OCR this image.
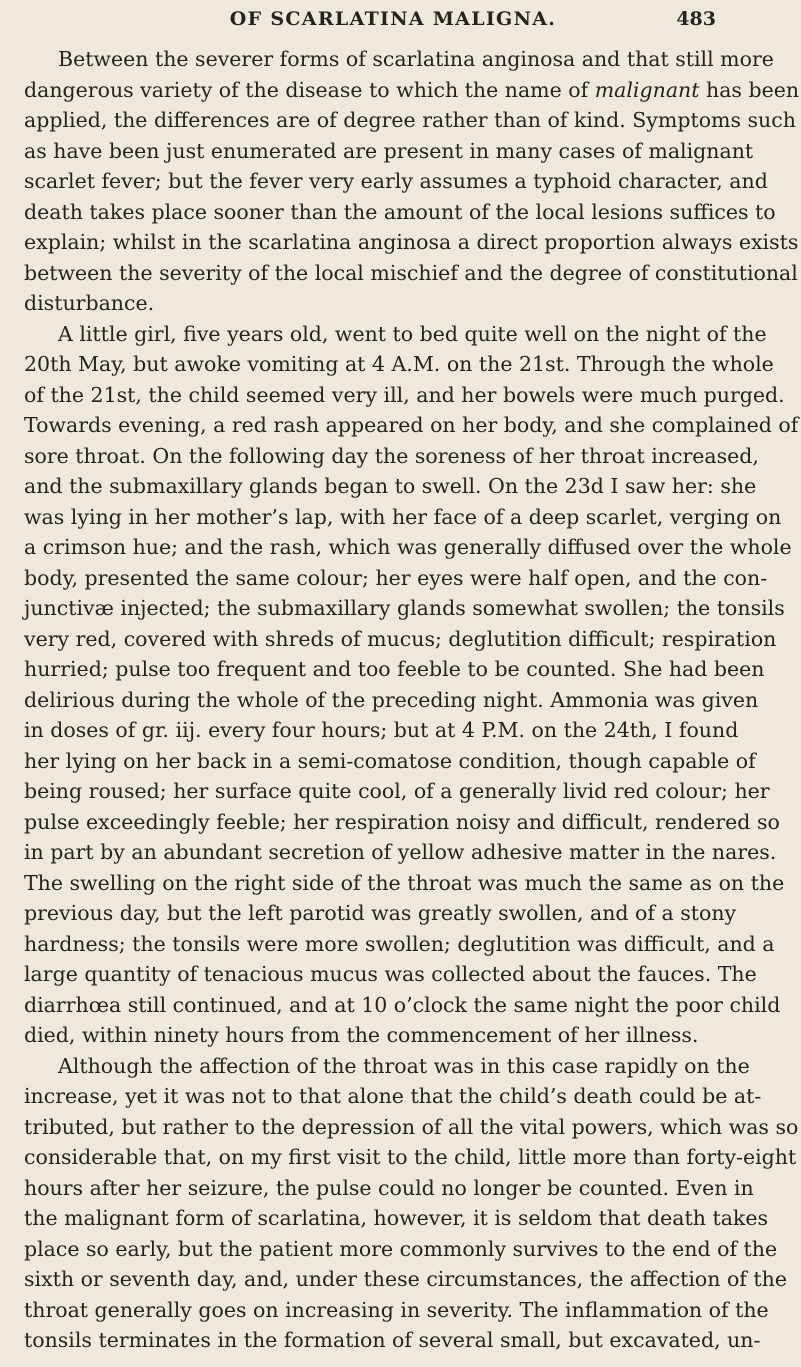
OF SCARLATINA MALIGNA.	483
Between the severer forms of scarlatina anginosa and that still more
dangerous variety of the disease to which the name of malignant has been
applied, the differences are of degree rather than of kind. Symptoms such
as have been just enumerated are present in many cases of malignant
scarlet fever; but the fever very early assumes a typhoid character, and
death takes place sooner than the amount of the local lesions suffices to
explain; whilst in the scarlatina anginosa a direct proportion always exists
between the severity of the local mischief and the degree of constitutional
disturbance.
A little girl, five years old, went to bed quite well on the night of the
20th May, but awoke vomiting at 4 A.M. on the 21st. Through the whole
of the 21st, the child seemed very ill, and her bowels were much purged.
Towards evening, a red rash appeared on her body, and she complained of
sore throat. On the following day the soreness of her throat increased,
and the submaxillary glands began to swell. On the 23d I saw her: she
was lying in her mother’s lap, with her face of a deep scarlet, verging on
a crimson hue; and the rash, which was generally diffused over the whole
body, presented the same colour; her eyes were half open, and the con-
junctivæ injected; the submaxillary glands somewhat swollen; the tonsils
very red, covered with shreds of mucus; deglutition difficult; respiration
hurried; pulse too frequent and too feeble to be counted. She had been
delirious during the whole of the preceding night. Ammonia was given
in doses of gr. iij. every four hours; but at 4 P.M. on the 24th, I found
her lying on her back in a semi-comatose condition, though capable of
being roused; her surface quite cool, of a generally livid red colour; her
pulse exceedingly feeble; her respiration noisy and difficult, rendered so
in part by an abundant secretion of yellow adhesive matter in the nares.
The swelling on the right side of the throat was much the same as on the
previous day, but the left parotid was greatly swollen, and of a stony
hardness; the tonsils were more swollen; deglutition was difficult, and a
large quantity of tenacious mucus was collected about the fauces. The
diarrhœa still continued, and at 10 o’clock the same night the poor child
died, within ninety hours from the commencement of her illness.
Although the affection of the throat was in this case rapidly on the
increase, yet it was not to that alone that the child’s death could be at-
tributed, but rather to the depression of all the vital powers, which was so
considerable that, on my first visit to the child, little more than forty-eight
hours after her seizure, the pulse could no longer be counted. Even in
the malignant form of scarlatina, however, it is seldom that death takes
place so early, but the patient more commonly survives to the end of the
sixth or seventh day, and, under these circumstances, the affection of the
throat generally goes on increasing in severity. The inflammation of the
tonsils terminates in the formation of several small, but excavated, un-
